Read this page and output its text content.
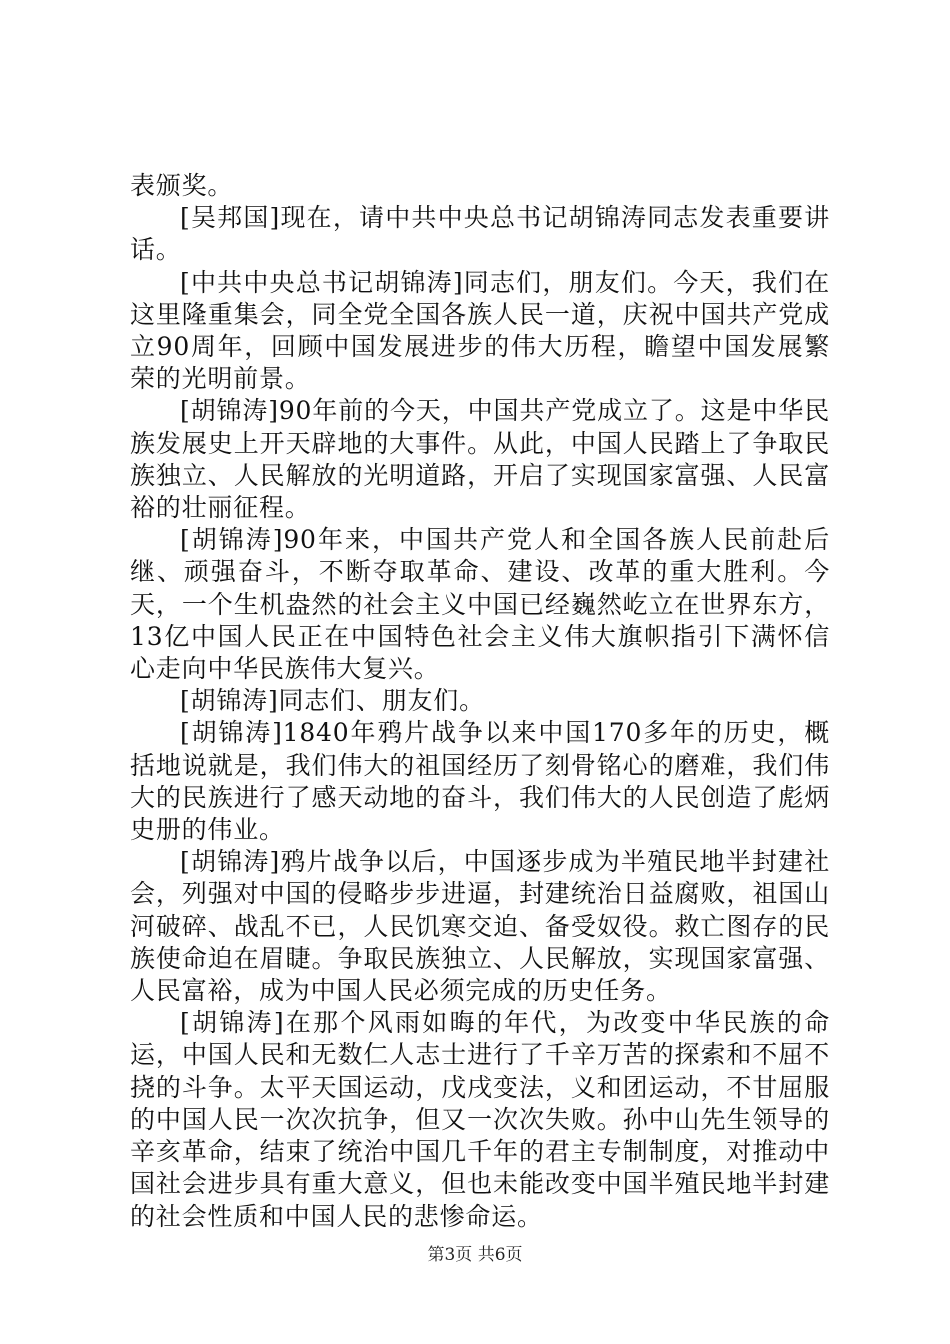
表颁奖。

[吴邦国]现在，请中共中央总书记胡锦涛同志发表重要讲话。

[中共中央总书记胡锦涛]同志们，朋友们。今天，我们在这里隆重集会，同全党全国各族人民一道，庆祝中国共产党成立90周年，回顾中国发展进步的伟大历程，瞻望中国发展繁荣的光明前景。

[胡锦涛]90年前的今天，中国共产党成立了。这是中华民族发展史上开天辟地的大事件。从此，中国人民踏上了争取民族独立、人民解放的光明道路，开启了实现国家富强、人民富裕的壮丽征程。

[胡锦涛]90年来，中国共产党人和全国各族人民前赴后继、顽强奋斗，不断夺取革命、建设、改革的重大胜利。今天，一个生机盎然的社会主义中国已经巍然屹立在世界东方，13亿中国人民正在中国特色社会主义伟大旗帜指引下满怀信心走向中华民族伟大复兴。

[胡锦涛]同志们、朋友们。

[胡锦涛]1840年鸦片战争以来中国170多年的历史，概括地说就是，我们伟大的祖国经历了刻骨铭心的磨难，我们伟大的民族进行了感天动地的奋斗，我们伟大的人民创造了彪炳史册的伟业。

[胡锦涛]鸦片战争以后，中国逐步成为半殖民地半封建社会，列强对中国的侵略步步进逼，封建统治日益腐败，祖国山河破碎、战乱不已，人民饥寒交迫、备受奴役。救亡图存的民族使命迫在眉睫。争取民族独立、人民解放，实现国家富强、人民富裕，成为中国人民必须完成的历史任务。

[胡锦涛]在那个风雨如晦的年代，为改变中华民族的命运，中国人民和无数仁人志士进行了千辛万苦的探索和不屈不挠的斗争。太平天国运动，戊戌变法，义和团运动，不甘屈服的中国人民一次次抗争，但又一次次失败。孙中山先生领导的辛亥革命，结束了统治中国几千年的君主专制制度，对推动中国社会进步具有重大意义，但也未能改变中国半殖民地半封建的社会性质和中国人民的悲惨命运。

第3页 共6页
